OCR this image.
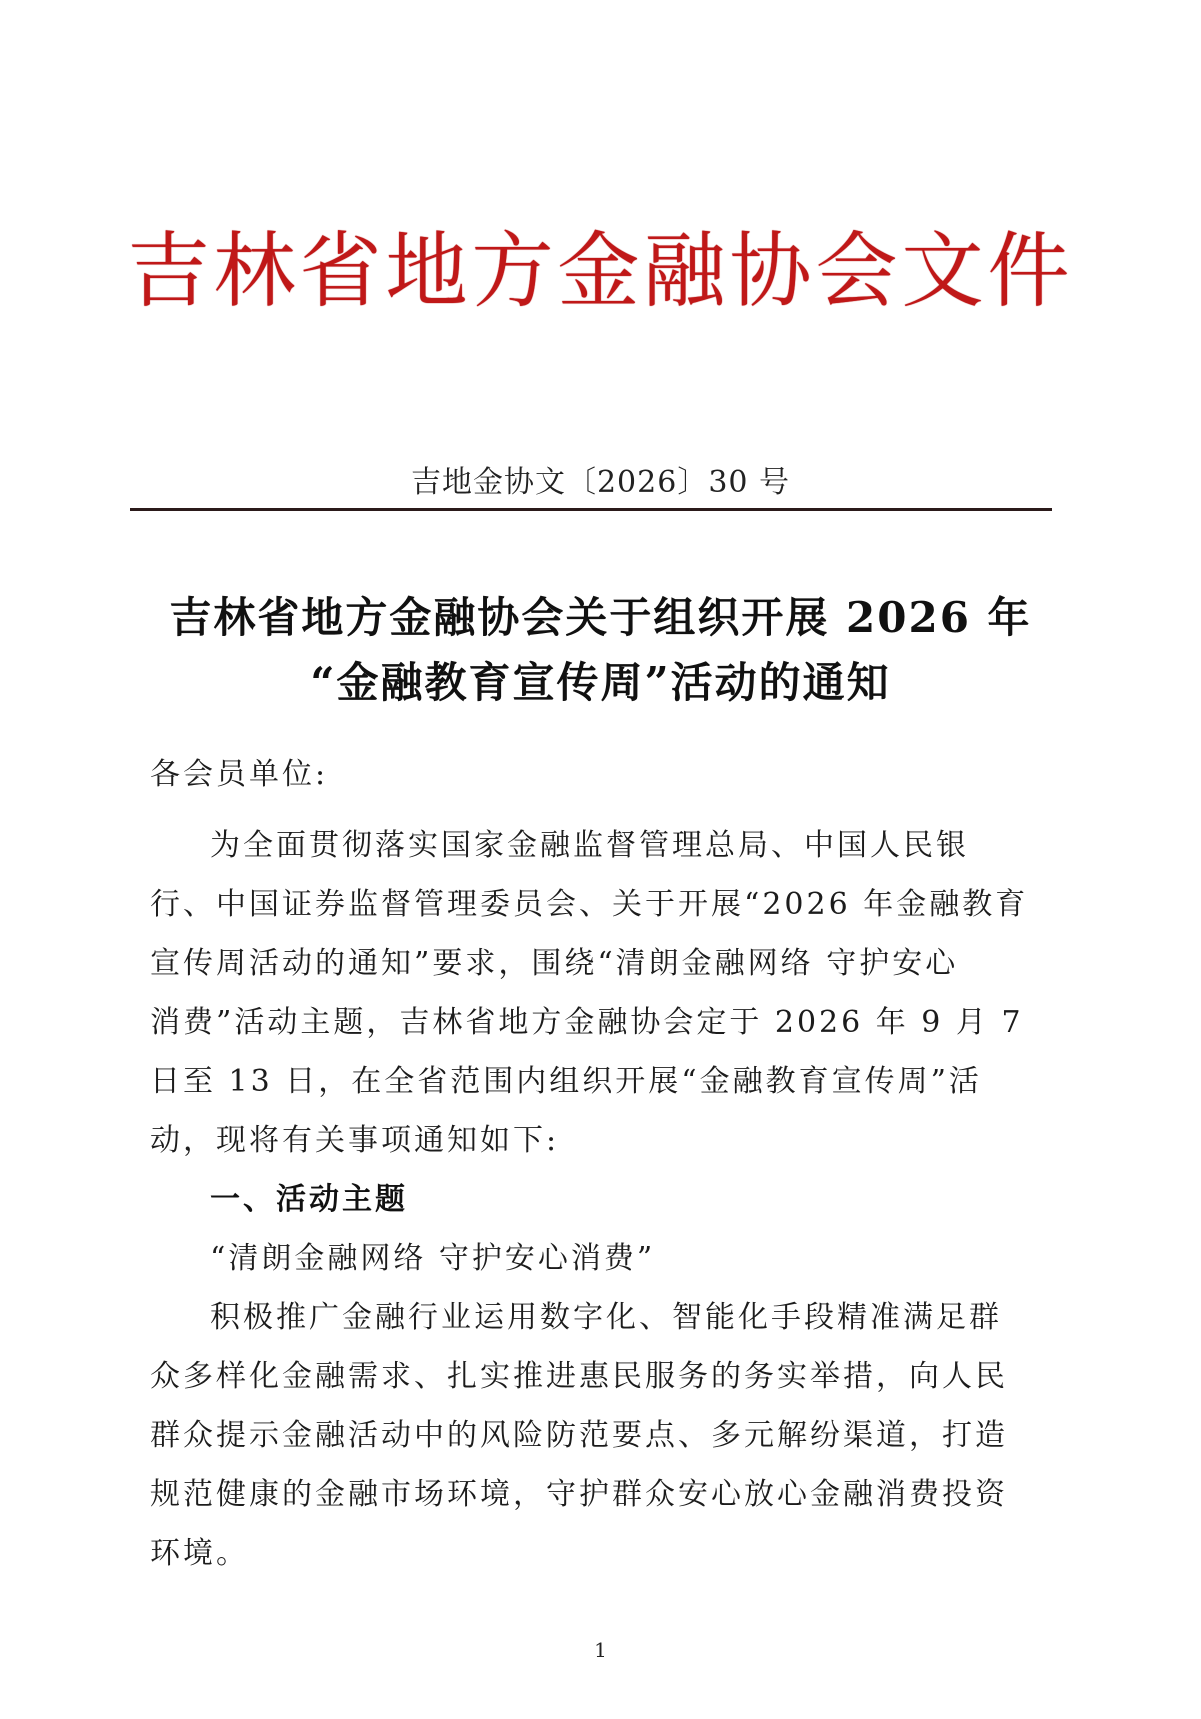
吉林省地方金融协会文件
吉地金协文〔2026〕30 号
吉林省地方金融协会关于组织开展 2026 年
“金融教育宣传周”活动的通知
各会员单位:
为全面贯彻落实国家金融监督管理总局、中国人民银
行、中国证券监督管理委员会、关于开展“2026 年金融教育
宣传周活动的通知”要求，围绕“清朗金融网络 守护安心
消费”活动主题，吉林省地方金融协会定于 2026 年 9 月 7
日至 13 日，在全省范围内组织开展“金融教育宣传周”活
动，现将有关事项通知如下:
一、活动主题
“清朗金融网络 守护安心消费”
积极推广金融行业运用数字化、智能化手段精准满足群
众多样化金融需求、扎实推进惠民服务的务实举措，向人民
群众提示金融活动中的风险防范要点、多元解纷渠道，打造
规范健康的金融市场环境，守护群众安心放心金融消费投资
环境。
1
